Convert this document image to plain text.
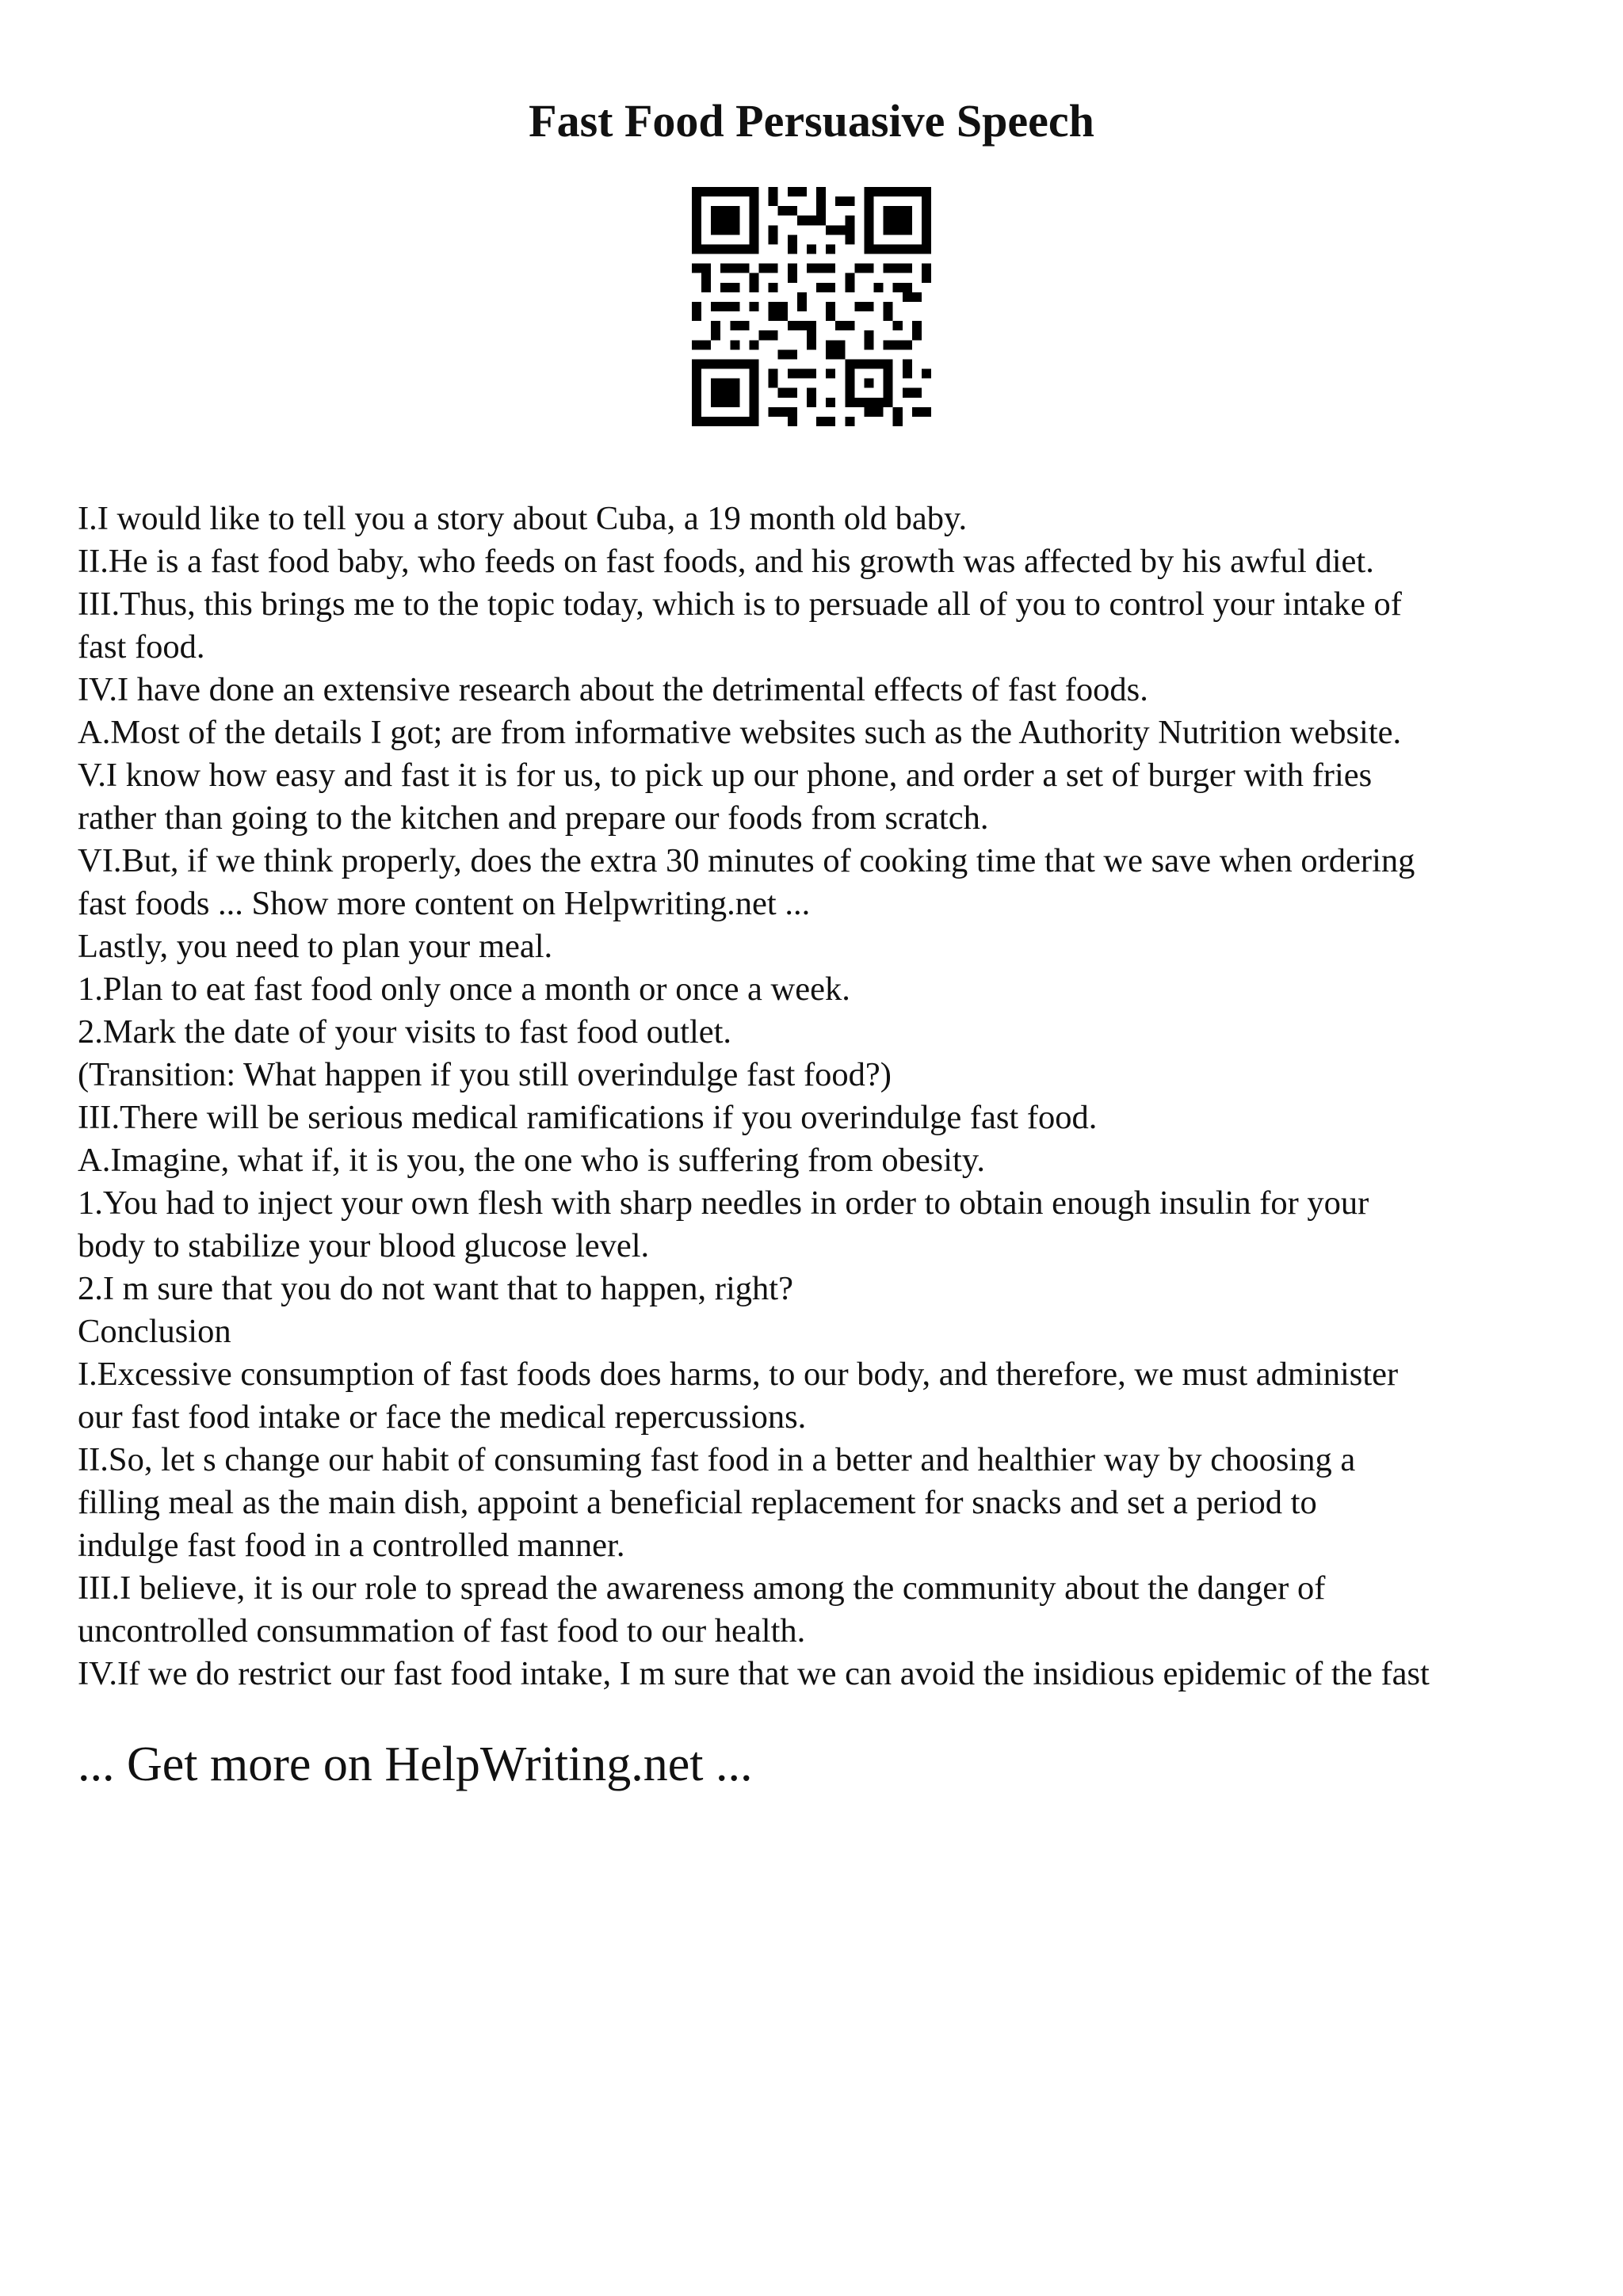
Fast Food Persuasive Speech
I.I would like to tell you a story about Cuba, a 19 month old baby.
II.He is a fast food baby, who feeds on fast foods, and his growth was affected by his awful diet.
III.Thus, this brings me to the topic today, which is to persuade all of you to control your intake of
fast food.
IV.I have done an extensive research about the detrimental effects of fast foods.
A.Most of the details I got; are from informative websites such as the Authority Nutrition website.
V.I know how easy and fast it is for us, to pick up our phone, and order a set of burger with fries
rather than going to the kitchen and prepare our foods from scratch.
VI.But, if we think properly, does the extra 30 minutes of cooking time that we save when ordering
fast foods ... Show more content on Helpwriting.net ...
Lastly, you need to plan your meal.
1.Plan to eat fast food only once a month or once a week.
2.Mark the date of your visits to fast food outlet.
(Transition: What happen if you still overindulge fast food?)
III.There will be serious medical ramifications if you overindulge fast food.
A.Imagine, what if, it is you, the one who is suffering from obesity.
1.You had to inject your own flesh with sharp needles in order to obtain enough insulin for your
body to stabilize your blood glucose level.
2.I m sure that you do not want that to happen, right?
Conclusion
I.Excessive consumption of fast foods does harms, to our body, and therefore, we must administer
our fast food intake or face the medical repercussions.
II.So, let s change our habit of consuming fast food in a better and healthier way by choosing a
filling meal as the main dish, appoint a beneficial replacement for snacks and set a period to
indulge fast food in a controlled manner.
III.I believe, it is our role to spread the awareness among the community about the danger of
uncontrolled consummation of fast food to our health.
IV.If we do restrict our fast food intake, I m sure that we can avoid the insidious epidemic of the fast
... Get more on HelpWriting.net ...
